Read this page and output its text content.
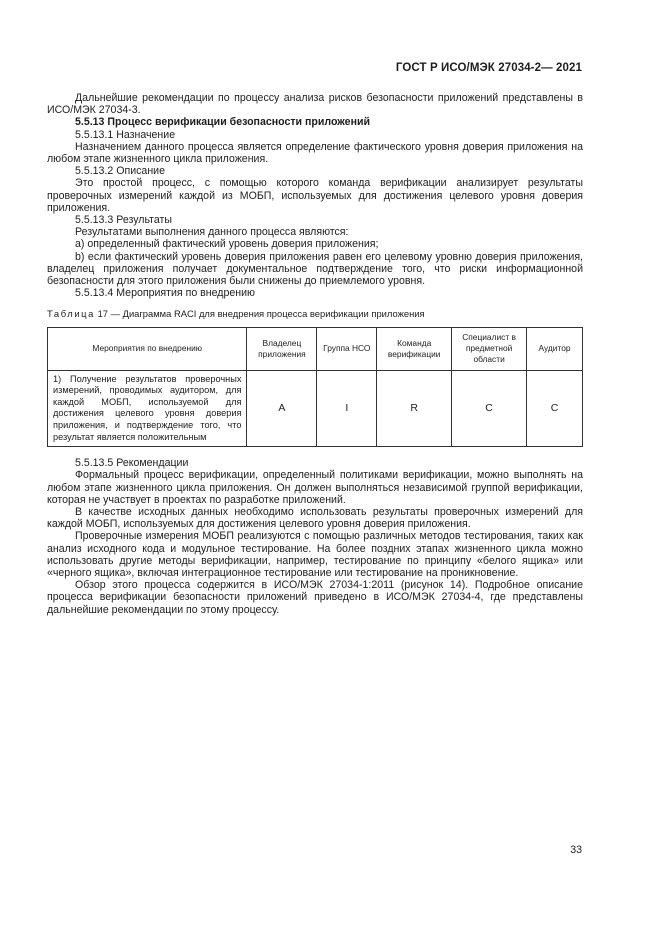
ГОСТ Р ИСО/МЭК 27034-2— 2021

Дальнейшие рекомендации по процессу анализа рисков безопасности приложений представлены в ИСО/МЭК 27034-3.

5.5.13 Процесс верификации безопасности приложений

5.5.13.1 Назначение

Назначением данного процесса является определение фактического уровня доверия приложения на любом этапе жизненного цикла приложения.

5.5.13.2 Описание

Это простой процесс, с помощью которого команда верификации анализирует результаты проверочных измерений каждой из МОБП, используемых для достижения целевого уровня доверия приложения.

5.5.13.3 Результаты

Результатами выполнения данного процесса являются:

a) определенный фактический уровень доверия приложения;

b) если фактический уровень доверия приложения равен его целевому уровню доверия приложения, владелец приложения получает документальное подтверждение того, что риски информационной безопасности для этого приложения были снижены до приемлемого уровня.

5.5.13.4 Мероприятия по внедрению

Таблица 17 — Диаграмма RACI для внедрения процесса верификации приложения

Мероприятия по внедрению	Владелец приложения	Группа НСО	Команда верификации	Специалист в предметной области	Аудитор
1) Получение результатов проверочных измерений, проводимых аудитором, для каждой МОБП, используемой для достижения целевого уровня доверия приложения, и подтверждение того, что результат является положительным	A	I	R	C	C

5.5.13.5 Рекомендации

Формальный процесс верификации, определенный политиками верификации, можно выполнять на любом этапе жизненного цикла приложения. Он должен выполняться независимой группой верификации, которая не участвует в проектах по разработке приложений.

В качестве исходных данных необходимо использовать результаты проверочных измерений для каждой МОБП, используемых для достижения целевого уровня доверия приложения.

Проверочные измерения МОБП реализуются с помощью различных методов тестирования, таких как анализ исходного кода и модульное тестирование. На более поздних этапах жизненного цикла можно использовать другие методы верификации, например, тестирование по принципу «белого ящика» или «черного ящика», включая интеграционное тестирование или тестирование на проникновение.

Обзор этого процесса содержится в ИСО/МЭК 27034-1:2011 (рисунок 14). Подробное описание процесса верификации безопасности приложений приведено в ИСО/МЭК 27034-4, где представлены дальнейшие рекомендации по этому процессу.

33
